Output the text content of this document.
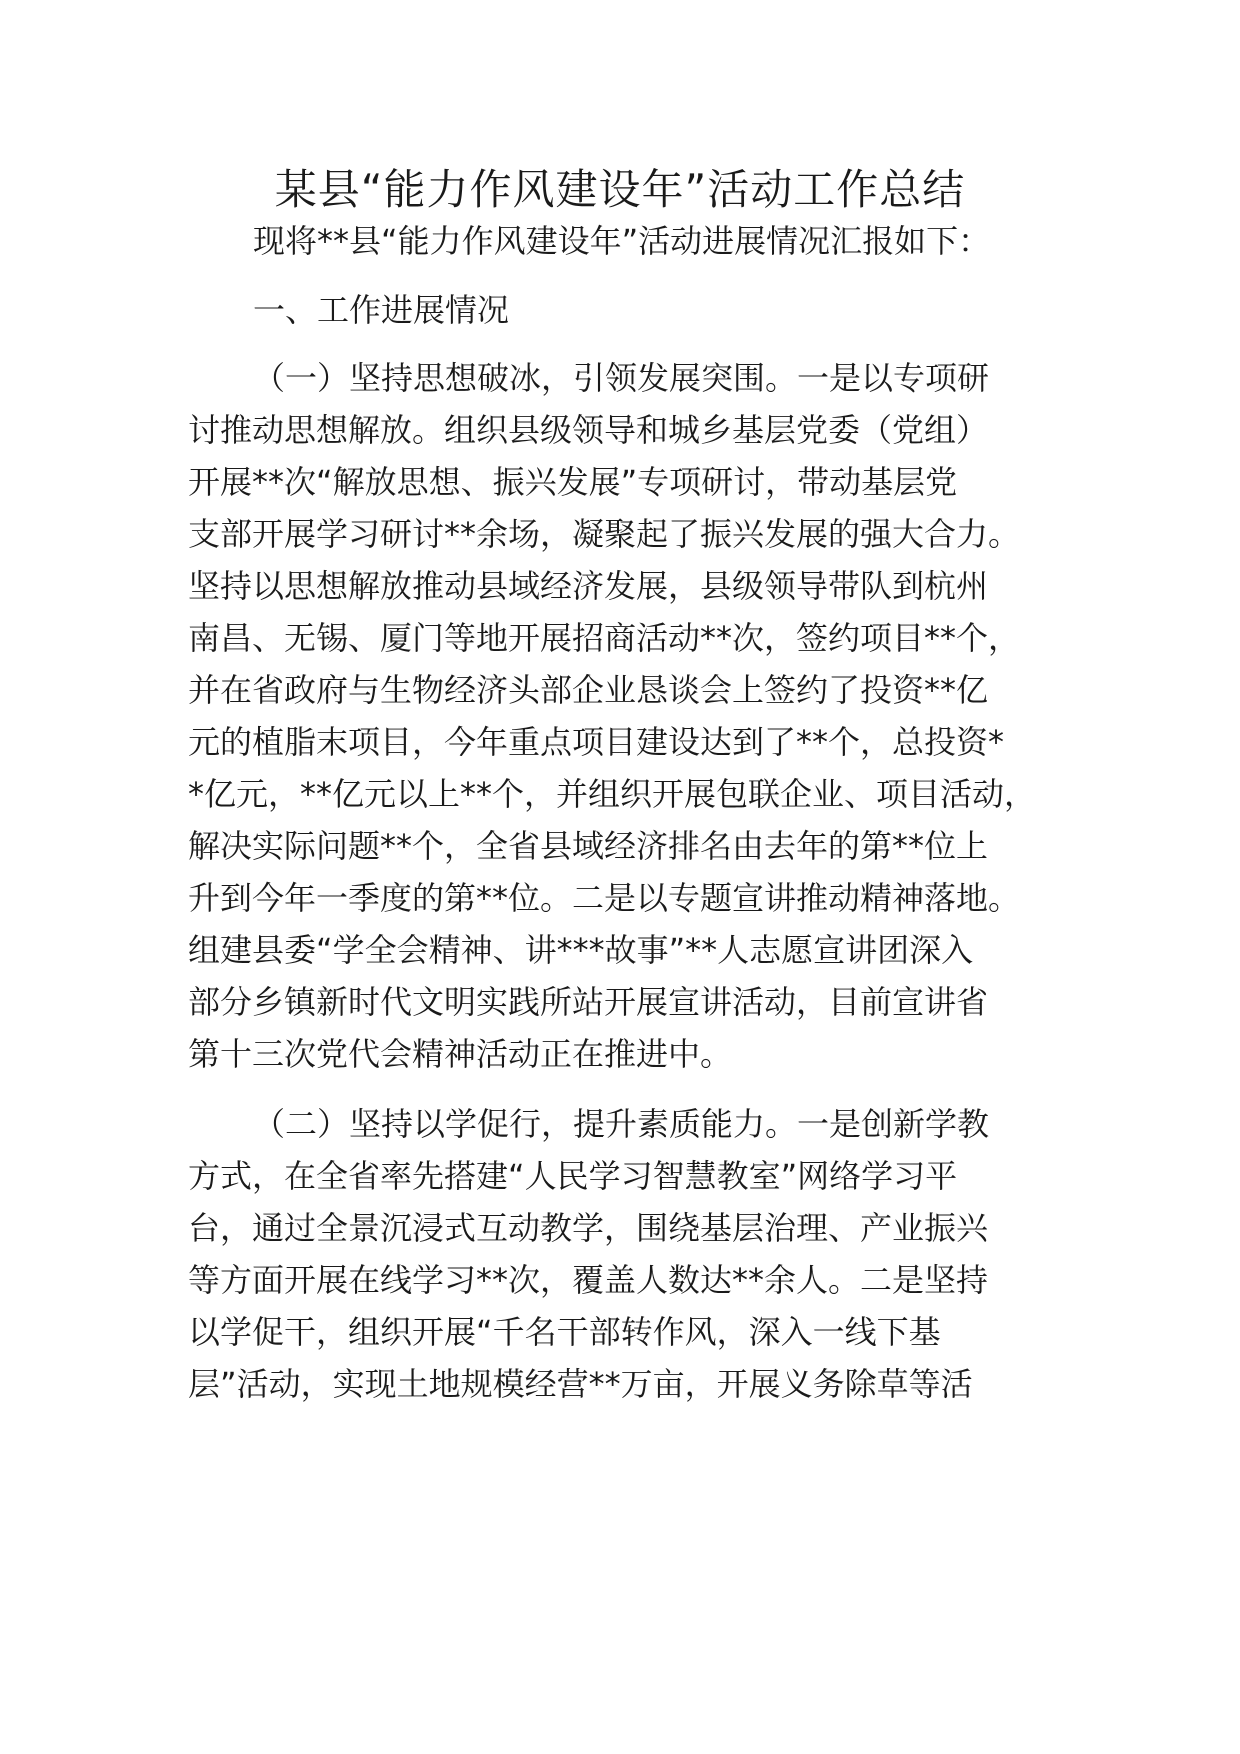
某县“能力作风建设年”活动工作总结

现将**县“能力作风建设年”活动进展情况汇报如下：

一、工作进展情况

（一）坚持思想破冰，引领发展突围。一是以专项研

讨推动思想解放。组织县级领导和城乡基层党委（党组）

开展**次“解放思想、振兴发展”专项研讨，带动基层党

支部开展学习研讨**余场，凝聚起了振兴发展的强大合力。

坚持以思想解放推动县域经济发展，县级领导带队到杭州

南昌、无锡、厦门等地开展招商活动**次，签约项目**个，

并在省政府与生物经济头部企业恳谈会上签约了投资**亿

元的植脂末项目，今年重点项目建设达到了**个，总投资*

*亿元，**亿元以上**个，并组织开展包联企业、项目活动，

解决实际问题**个，全省县域经济排名由去年的第**位上

升到今年一季度的第**位。二是以专题宣讲推动精神落地。

组建县委“学全会精神、讲***故事”**人志愿宣讲团深入

部分乡镇新时代文明实践所站开展宣讲活动，目前宣讲省

第十三次党代会精神活动正在推进中。

（二）坚持以学促行，提升素质能力。一是创新学教

方式，在全省率先搭建“人民学习智慧教室”网络学习平

台，通过全景沉浸式互动教学，围绕基层治理、产业振兴

等方面开展在线学习**次，覆盖人数达**余人。二是坚持

以学促干，组织开展“千名干部转作风，深入一线下基

层”活动，实现土地规模经营**万亩，开展义务除草等活
